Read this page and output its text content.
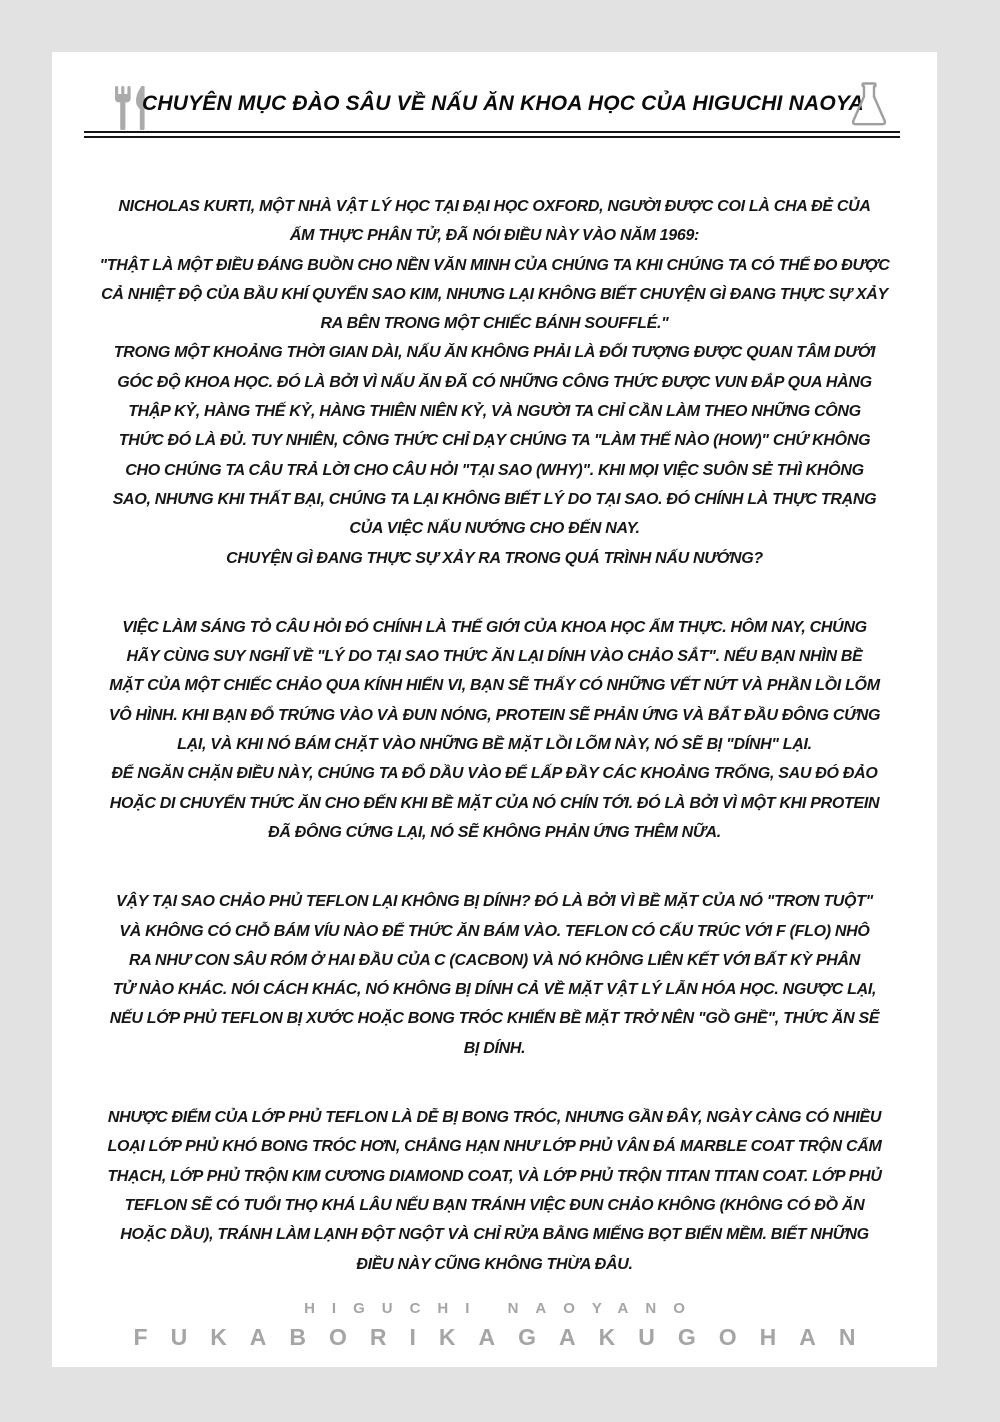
CHUYÊN MỤC ĐÀO SÂU VỀ NẤU ĂN KHOA HỌC CỦA HIGUCHI NAOYA
NICHOLAS KURTI, MỘT NHÀ VẬT LÝ HỌC TẠI ĐẠI HỌC OXFORD, NGƯỜI ĐƯỢC COI LÀ CHA ĐẺ CỦA
ẨM THỰC PHÂN TỬ, ĐÃ NÓI ĐIỀU NÀY VÀO NĂM 1969:
"THẬT LÀ MỘT ĐIỀU ĐÁNG BUỒN CHO NỀN VĂN MINH CỦA CHÚNG TA KHI CHÚNG TA CÓ THỂ ĐO ĐƯỢC
CẢ NHIỆT ĐỘ CỦA BẦU KHÍ QUYỂN SAO KIM, NHƯNG LẠI KHÔNG BIẾT CHUYỆN GÌ ĐANG THỰC SỰ XẢY
RA BÊN TRONG MỘT CHIẾC BÁNH SOUFFLÉ."
TRONG MỘT KHOẢNG THỜI GIAN DÀI, NẤU ĂN KHÔNG PHẢI LÀ ĐỐI TƯỢNG ĐƯỢC QUAN TÂM DƯỚI
GÓC ĐỘ KHOA HỌC. ĐÓ LÀ BỞI VÌ NẤU ĂN ĐÃ CÓ NHỮNG CÔNG THỨC ĐƯỢC VUN ĐẮP QUA HÀNG
THẬP KỶ, HÀNG THẾ KỶ, HÀNG THIÊN NIÊN KỶ, VÀ NGƯỜI TA CHỈ CẦN LÀM THEO NHỮNG CÔNG
THỨC ĐÓ LÀ ĐỦ. TUY NHIÊN, CÔNG THỨC CHỈ DẠY CHÚNG TA "LÀM THẾ NÀO (HOW)" CHỨ KHÔNG
CHO CHÚNG TA CÂU TRẢ LỜI CHO CÂU HỎI "TẠI SAO (WHY)". KHI MỌI VIỆC SUÔN SẺ THÌ KHÔNG
SAO, NHƯNG KHI THẤT BẠI, CHÚNG TA LẠI KHÔNG BIẾT LÝ DO TẠI SAO. ĐÓ CHÍNH LÀ THỰC TRẠNG
CỦA VIỆC NẤU NƯỚNG CHO ĐẾN NAY.
CHUYỆN GÌ ĐANG THỰC SỰ XẢY RA TRONG QUÁ TRÌNH NẤU NƯỚNG?
VIỆC LÀM SÁNG TỎ CÂU HỎI ĐÓ CHÍNH LÀ THẾ GIỚI CỦA KHOA HỌC ẨM THỰC. HÔM NAY, CHÚNG
HÃY CÙNG SUY NGHĨ VỀ "LÝ DO TẠI SAO THỨC ĂN LẠI DÍNH VÀO CHẢO SẮT". NẾU BẠN NHÌN BỀ
MẶT CỦA MỘT CHIẾC CHẢO QUA KÍNH HIỂN VI, BẠN SẼ THẤY CÓ NHỮNG VẾT NỨT VÀ PHẦN LỒI LÕM
VÔ HÌNH. KHI BẠN ĐỔ TRỨNG VÀO VÀ ĐUN NÓNG, PROTEIN SẼ PHẢN ỨNG VÀ BẮT ĐẦU ĐÔNG CỨNG
LẠI, VÀ KHI NÓ BÁM CHẶT VÀO NHỮNG BỀ MẶT LỒI LÕM NÀY, NÓ SẼ BỊ "DÍNH" LẠI.
ĐỂ NGĂN CHẶN ĐIỀU NÀY, CHÚNG TA ĐỔ DẦU VÀO ĐỂ LẤP ĐẦY CÁC KHOẢNG TRỐNG, SAU ĐÓ ĐẢO
HOẶC DI CHUYỂN THỨC ĂN CHO ĐẾN KHI BỀ MẶT CỦA NÓ CHÍN TỚI. ĐÓ LÀ BỞI VÌ MỘT KHI PROTEIN
ĐÃ ĐÔNG CỨNG LẠI, NÓ SẼ KHÔNG PHẢN ỨNG THÊM NỮA.
VẬY TẠI SAO CHẢO PHỦ TEFLON LẠI KHÔNG BỊ DÍNH? ĐÓ LÀ BỞI VÌ BỀ MẶT CỦA NÓ "TRƠN TUỘT"
VÀ KHÔNG CÓ CHỖ BÁM VÍU NÀO ĐỂ THỨC ĂN BÁM VÀO. TEFLON CÓ CẤU TRÚC VỚI F (FLO) NHÔ
RA NHƯ CON SÂU RÓM Ở HAI ĐẦU CỦA C (CACBON) VÀ NÓ KHÔNG LIÊN KẾT VỚI BẤT KỲ PHÂN
TỬ NÀO KHÁC. NÓI CÁCH KHÁC, NÓ KHÔNG BỊ DÍNH CẢ VỀ MẶT VẬT LÝ LẪN HÓA HỌC. NGƯỢC LẠI,
NẾU LỚP PHỦ TEFLON BỊ XƯỚC HOẶC BONG TRÓC KHIẾN BỀ MẶT TRỞ NÊN "GỒ GHỀ", THỨC ĂN SẼ
BỊ DÍNH.
NHƯỢC ĐIỂM CỦA LỚP PHỦ TEFLON LÀ DỄ BỊ BONG TRÓC, NHƯNG GẦN ĐÂY, NGÀY CÀNG CÓ NHIỀU
LOẠI LỚP PHỦ KHÓ BONG TRÓC HƠN, CHẲNG HẠN NHƯ LỚP PHỦ VÂN ĐÁ MARBLE COAT TRỘN CẨM
THẠCH, LỚP PHỦ TRỘN KIM CƯƠNG DIAMOND COAT, VÀ LỚP PHỦ TRỘN TITAN TITAN COAT. LỚP PHỦ
TEFLON SẼ CÓ TUỔI THỌ KHÁ LÂU NẾU BẠN TRÁNH VIỆC ĐUN CHẢO KHÔNG (KHÔNG CÓ ĐỒ ĂN
HOẶC DẦU), TRÁNH LÀM LẠNH ĐỘT NGỘT VÀ CHỈ RỬA BẰNG MIẾNG BỌT BIỂN MỀM. BIẾT NHỮNG
ĐIỀU NÀY CŨNG KHÔNG THỪA ĐÂU.
HIGUCHI NAOYANO
FUKABORIKAGAKUGOHAN
